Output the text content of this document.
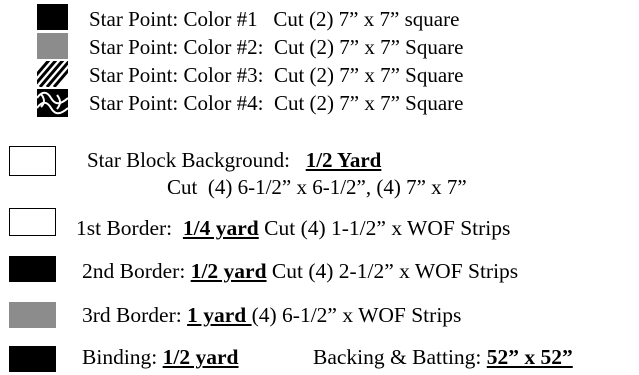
Star Point: Color #1 Cut (2) 7” x 7” square
Star Point: Color #2: Cut (2) 7” x 7” Square
Star Point: Color #3: Cut (2) 7” x 7” Square
Star Point: Color #4: Cut (2) 7” x 7” Square
Star Block Background: 1/2 Yard
Cut  (4) 6-1/2” x 6-1/2”, (4) 7” x 7”
1st Border: 1/4 yard Cut (4) 1-1/2” x WOF Strips
2nd Border: 1/2 yard Cut (4) 2-1/2” x WOF Strips
3rd Border: 1 yard (4) 6-1/2” x WOF Strips
Binding: 1/2 yard	Backing & Batting: 52” x 52”
